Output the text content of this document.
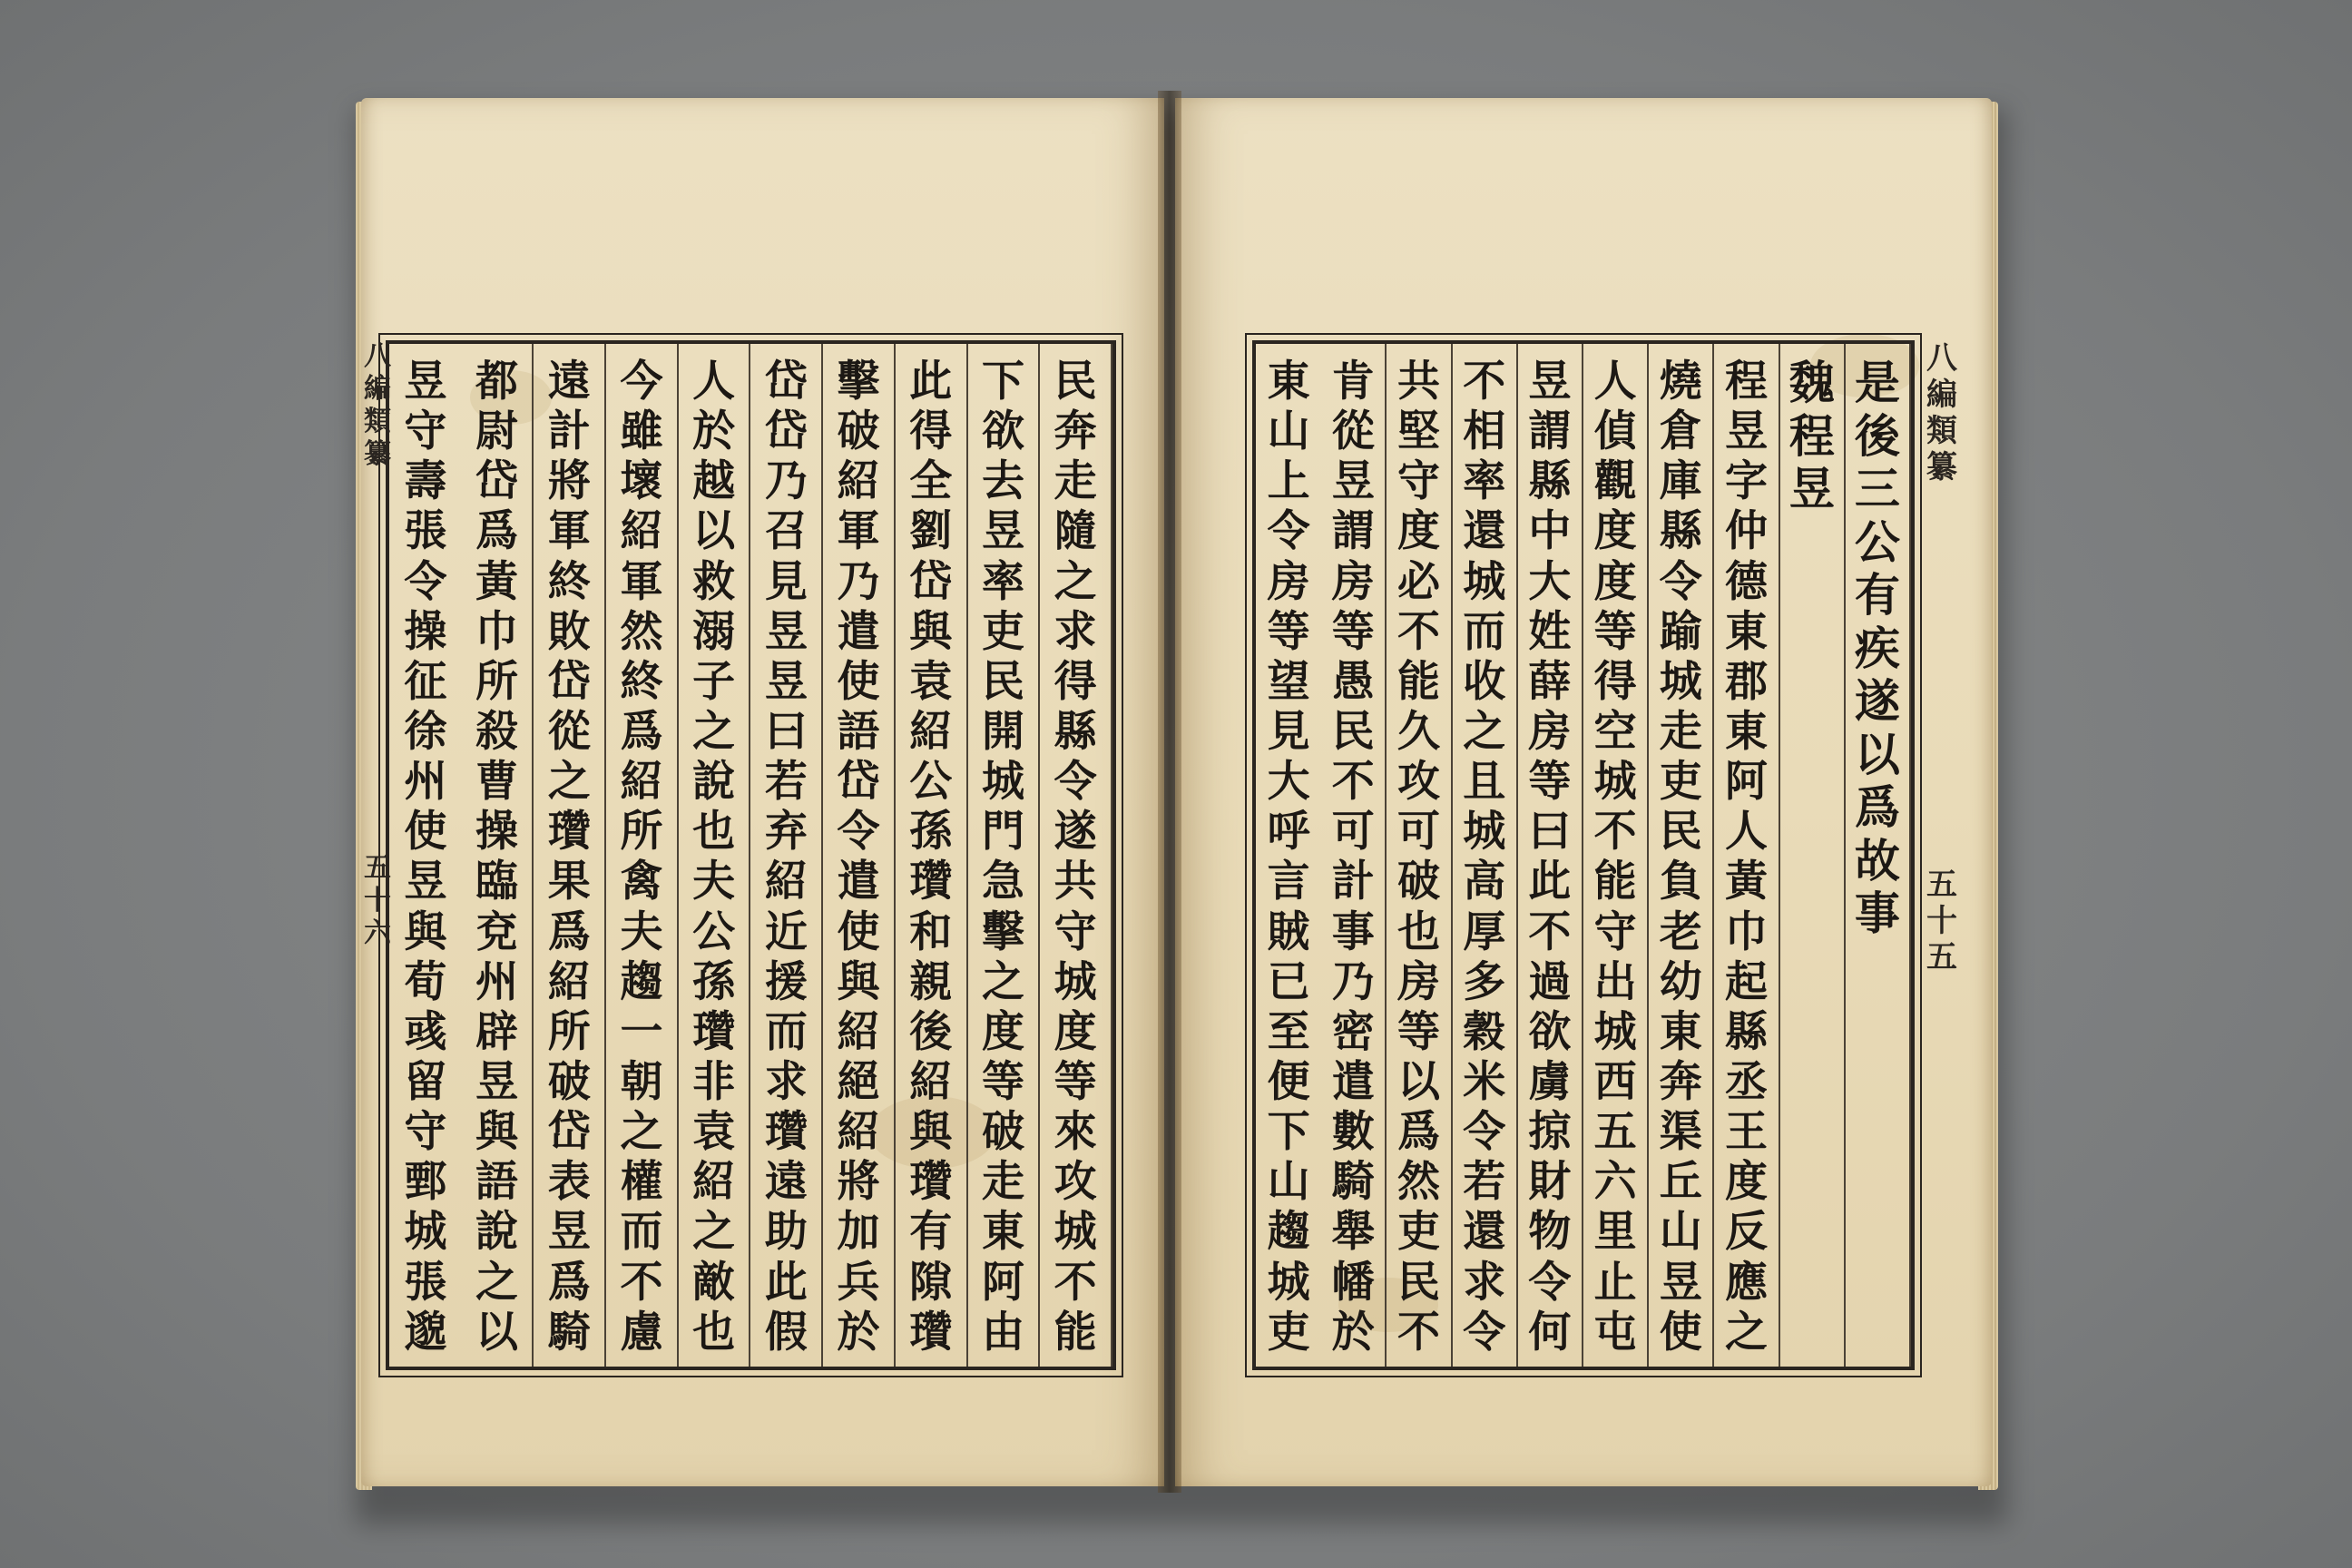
八
編
類
纂
五
十
六
民
奔
走
隨
之
求
得
縣
令
遂
共
守
城
度
等
來
攻
城
不
能
下
欲
去
昱
率
吏
民
開
城
門
急
擊
之
度
等
破
走
東
阿
由
此
得
全
劉
岱
與
袁
紹
公
孫
瓚
和
親
後
紹
與
瓚
有
隙
瓚
擊
破
紹
軍
乃
遣
使
語
岱
令
遣
使
與
紹
絕
紹
將
加
兵
於
岱
岱
乃
召
見
昱
昱
曰
若
弃
紹
近
援
而
求
瓚
遠
助
此
假
人
於
越
以
救
溺
子
之
說
也
夫
公
孫
瓚
非
袁
紹
之
敵
也
今
雖
壞
紹
軍
然
終
爲
紹
所
禽
夫
趨
一
朝
之
權
而
不
慮
遠
計
將
軍
終
敗
岱
從
之
瓚
果
爲
紹
所
破
岱
表
昱
爲
騎
都
尉
岱
爲
黃
巾
所
殺
曹
操
臨
兗
州
辟
昱
與
語
說
之
以
昱
守
壽
張
令
操
征
徐
州
使
昱
與
荀
彧
留
守
鄄
城
張
邈
是
後
三
公
有
疾
遂
以
爲
故
事
魏
程
昱
程
昱
字
仲
德
東
郡
東
阿
人
黃
巾
起
縣
丞
王
度
反
應
之
燒
倉
庫
縣
令
踰
城
走
吏
民
負
老
幼
東
奔
渠
丘
山
昱
使
人
偵
觀
度
度
等
得
空
城
不
能
守
出
城
西
五
六
里
止
屯
昱
謂
縣
中
大
姓
薛
房
等
曰
此
不
過
欲
虜
掠
財
物
令
何
不
相
率
還
城
而
收
之
且
城
高
厚
多
穀
米
令
若
還
求
令
共
堅
守
度
必
不
能
久
攻
可
破
也
房
等
以
爲
然
吏
民
不
肯
從
昱
謂
房
等
愚
民
不
可
計
事
乃
密
遣
數
騎
舉
幡
於
東
山
上
令
房
等
望
見
大
呼
言
賊
已
至
便
下
山
趨
城
吏
八
編
類
纂
五
十
五
